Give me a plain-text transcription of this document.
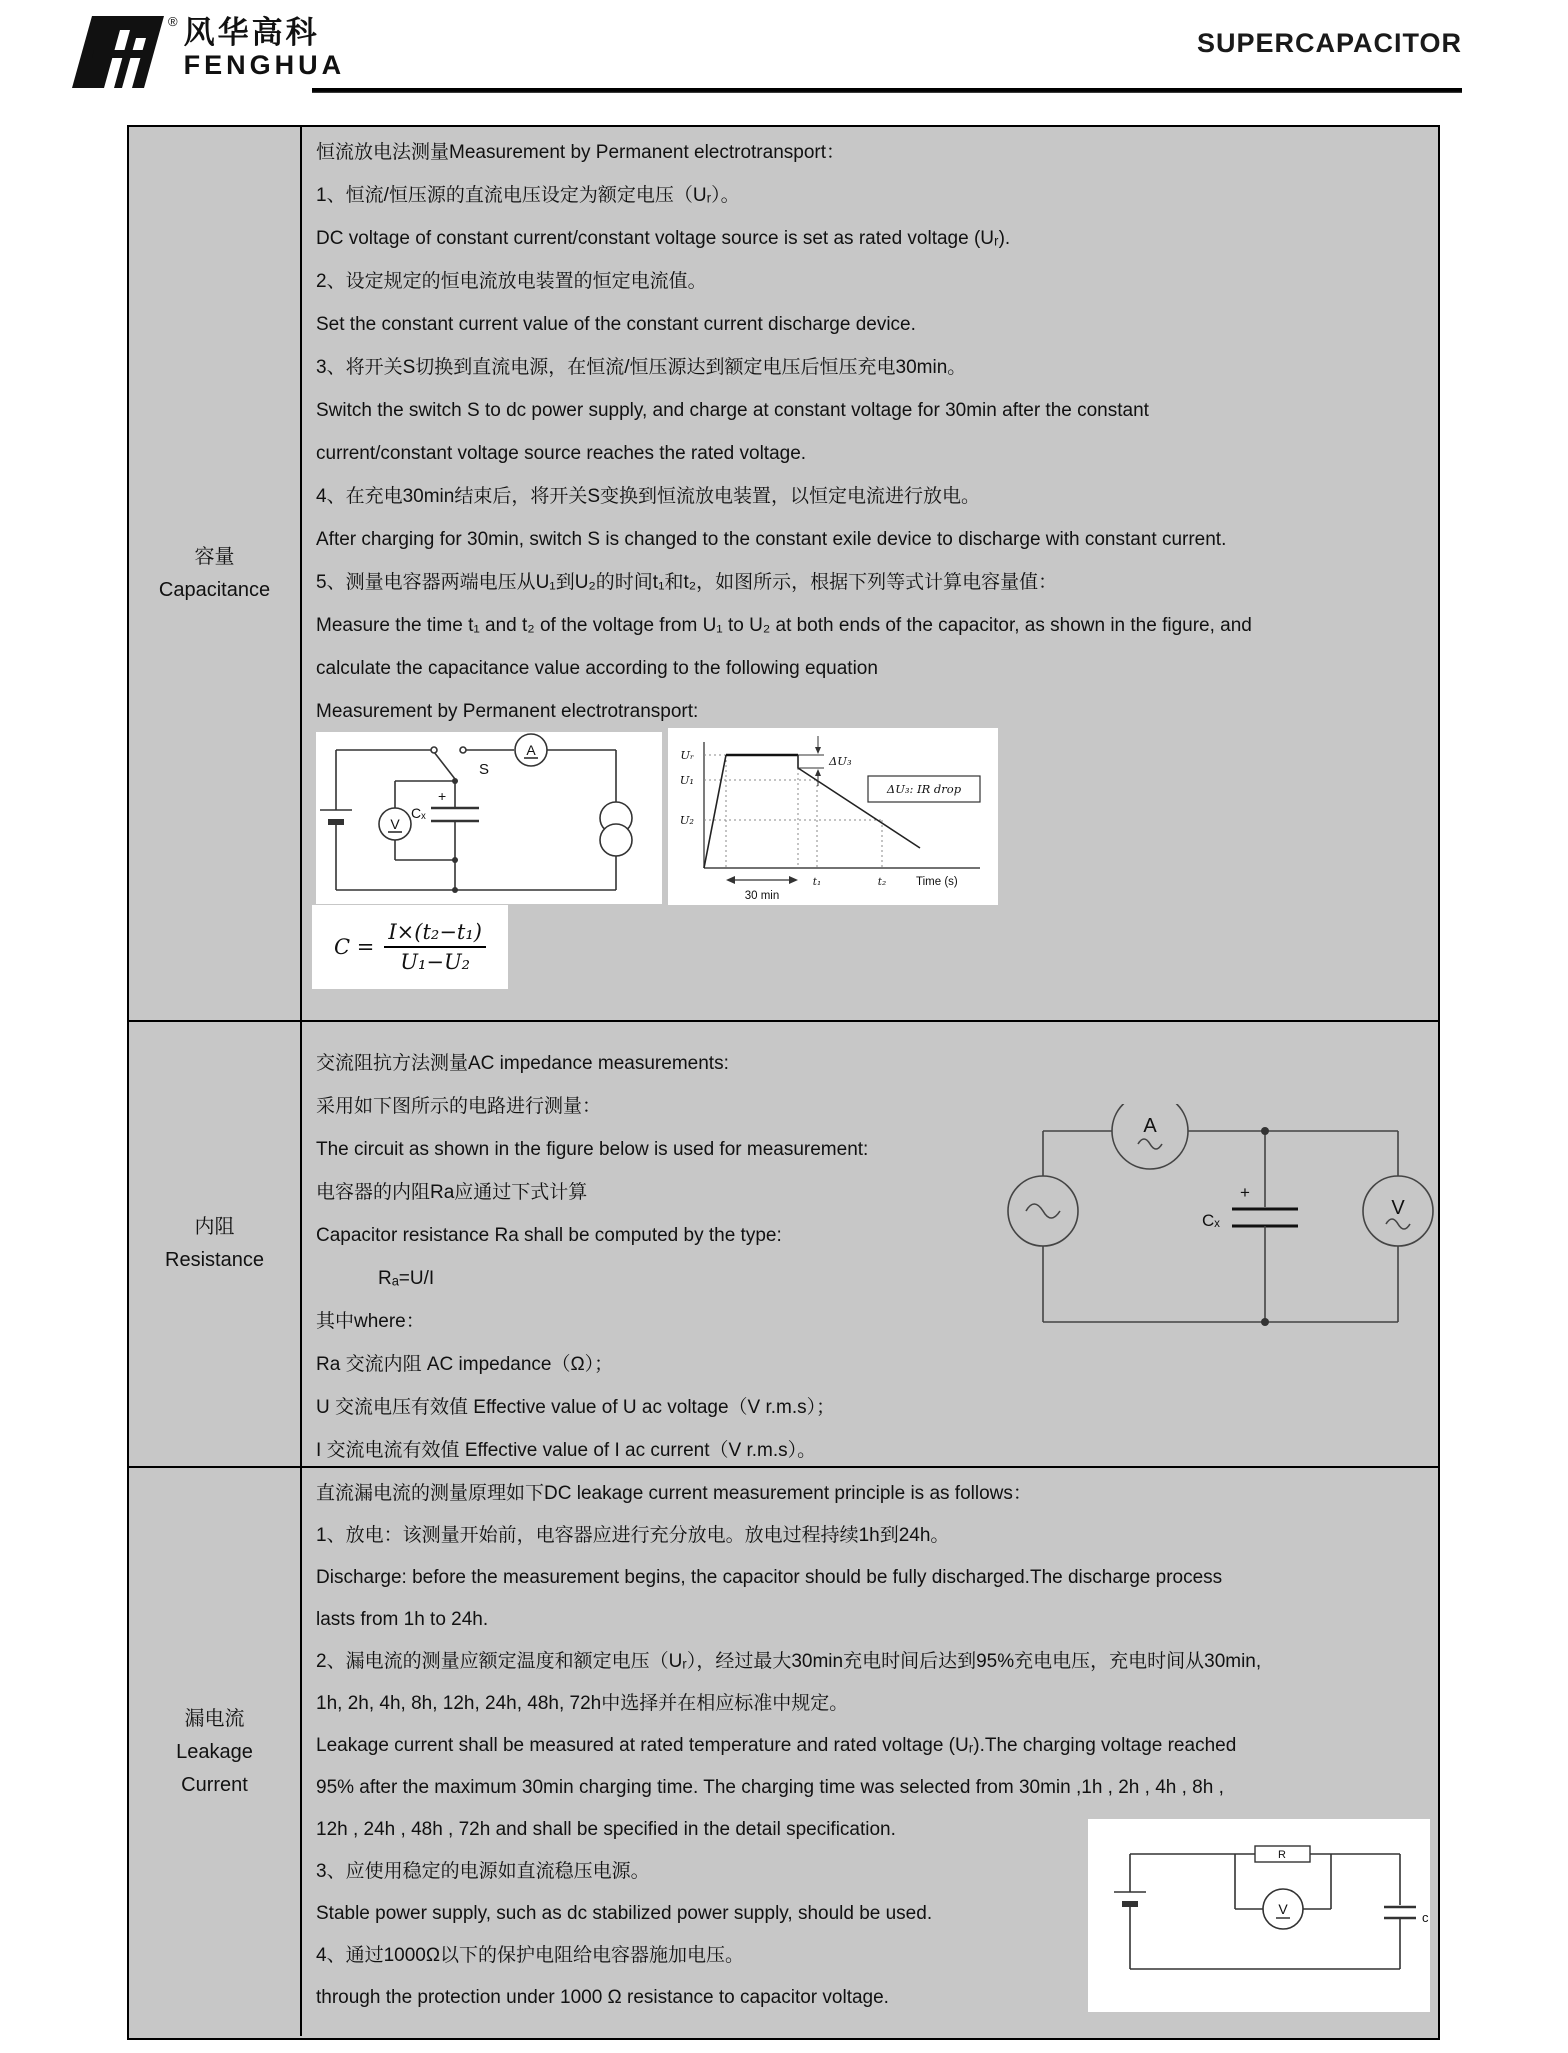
® 风华高科
FENGHUA
SUPERCAPACITOR
容量
Capacitance
恒流放电法测量Measurement by Permanent electrotransport：
1、恒流/恒压源的直流电压设定为额定电压（Uᵣ）。
DC voltage of constant current/constant voltage source is set as rated voltage (Uᵣ).
2、设定规定的恒电流放电装置的恒定电流值。
Set the constant current value of the constant current discharge device.
3、将开关S切换到直流电源，在恒流/恒压源达到额定电压后恒压充电30min。
Switch the switch S to dc power supply, and charge at constant voltage for 30min after the constant
current/constant voltage source reaches the rated voltage.
4、在充电30min结束后，将开关S变换到恒流放电装置，以恒定电流进行放电。
After charging for 30min, switch S is changed to the constant exile device to discharge with constant current.
5、测量电容器两端电压从U₁到U₂的时间t₁和t₂，如图所示，根据下列等式计算电容量值：
Measure the time t₁ and t₂ of the voltage from U₁ to U₂ at both ends of the capacitor, as shown in the figure, and
calculate the capacitance value according to the following equation
Measurement by Permanent electrotransport:
A
V
S
+
Cₓ
Uᵣ
U₁
U₂
ΔU₃
ΔU₃: IR drop
t₁	t₂	Time (s)
30 min
$C = \frac{\text{I×(t₂−t₁)}}{\text{U₁−U₂}}$
内阻
Resistance
交流阻抗方法测量AC impedance measurements:
采用如下图所示的电路进行测量：
The circuit as shown in the figure below is used for measurement:
电容器的内阻Ra应通过下式计算
Capacitor resistance Ra shall be computed by the type:
Rₐ=U/I
其中where：
Ra 交流内阻 AC impedance（Ω）；
U 交流电压有效值 Effective value of U ac voltage（V r.m.s）；
I 交流电流有效值 Effective value of I ac current（V r.m.s）。
A
V
+
Cₓ
漏电流
Leakage
Current
直流漏电流的测量原理如下DC leakage current measurement principle is as follows：
1、放电：该测量开始前，电容器应进行充分放电。放电过程持续1h到24h。
Discharge: before the measurement begins, the capacitor should be fully discharged.The discharge process
lasts from 1h to 24h.
2、漏电流的测量应额定温度和额定电压（Uᵣ），经过最大30min充电时间后达到95%充电电压，充电时间从30min,
1h, 2h, 4h, 8h, 12h, 24h, 48h, 72h中选择并在相应标准中规定。
Leakage current shall be measured at rated temperature and rated voltage (Uᵣ).The charging voltage reached
95% after the maximum 30min charging time. The charging time was selected from 30min ,1h , 2h , 4h , 8h ,
12h , 24h , 48h , 72h and shall be specified in the detail specification.
3、应使用稳定的电源如直流稳压电源。
Stable power supply, such as dc stabilized power supply, should be used.
4、通过1000Ω以下的保护电阻给电容器施加电压。
through the protection under 1000 Ω resistance to capacitor voltage.
R
V
c
